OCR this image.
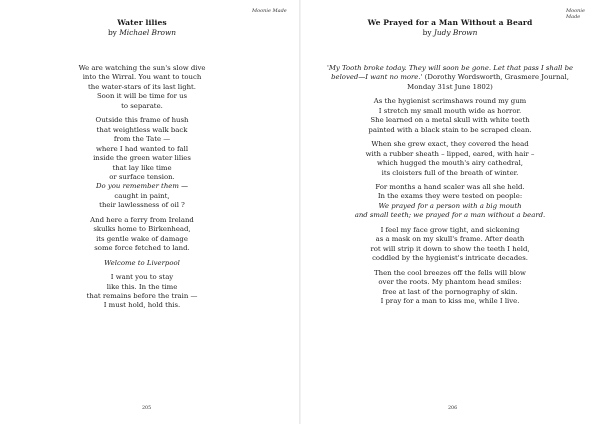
Moonie Made
Water lilies
by Michael Brown
We are watching the sun's slow dive
into the Wirral. You want to touch
the water-stars of its last light.
Soon it will be time for us
to separate.
Outside this frame of hush
that weightless walk back
from the Tate —
where I had wanted to fall
inside the green water lilies
that lay like time
or surface tension.
Do you remember them —
caught in paint,
their lawlessness of oil ?
And here a ferry from Ireland
skulks home to Birkenhead,
its gentle wake of damage
some force fetched to land.
Welcome to Liverpool
I want you to stay
like this. In the time
that remains before the train —
I must hold, hold this.
205
Moonie Made
We Prayed for a Man Without a Beard
by Judy Brown
'My Tooth broke today. They will soon be gone. Let that pass I shall be
beloved—I want no more.' (Dorothy Wordsworth, Grasmere Journal,
Monday 31st June 1802)
As the hygienist scrimshaws round my gum
I stretch my small mouth wide as horror.
She learned on a metal skull with white teeth
painted with a black stain to be scraped clean.
When she grew exact, they covered the head
with a rubber sheath – lipped, eared, with hair –
which hugged the mouth's airy cathedral,
its cloisters full of the breath of winter.
For months a hand scaler was all she held.
In the exams they were tested on people:
We prayed for a person with a big mouth
and small teeth; we prayed for a man without a beard.
I feel my face grow tight, and sickening
as a mask on my skull's frame. After death
rot will strip it down to show the teeth I held,
coddled by the hygienist's intricate decades.
Then the cool breezes off the fells will blow
over the roots. My phantom head smiles:
free at last of the pornography of skin.
I pray for a man to kiss me, while I live.
206
